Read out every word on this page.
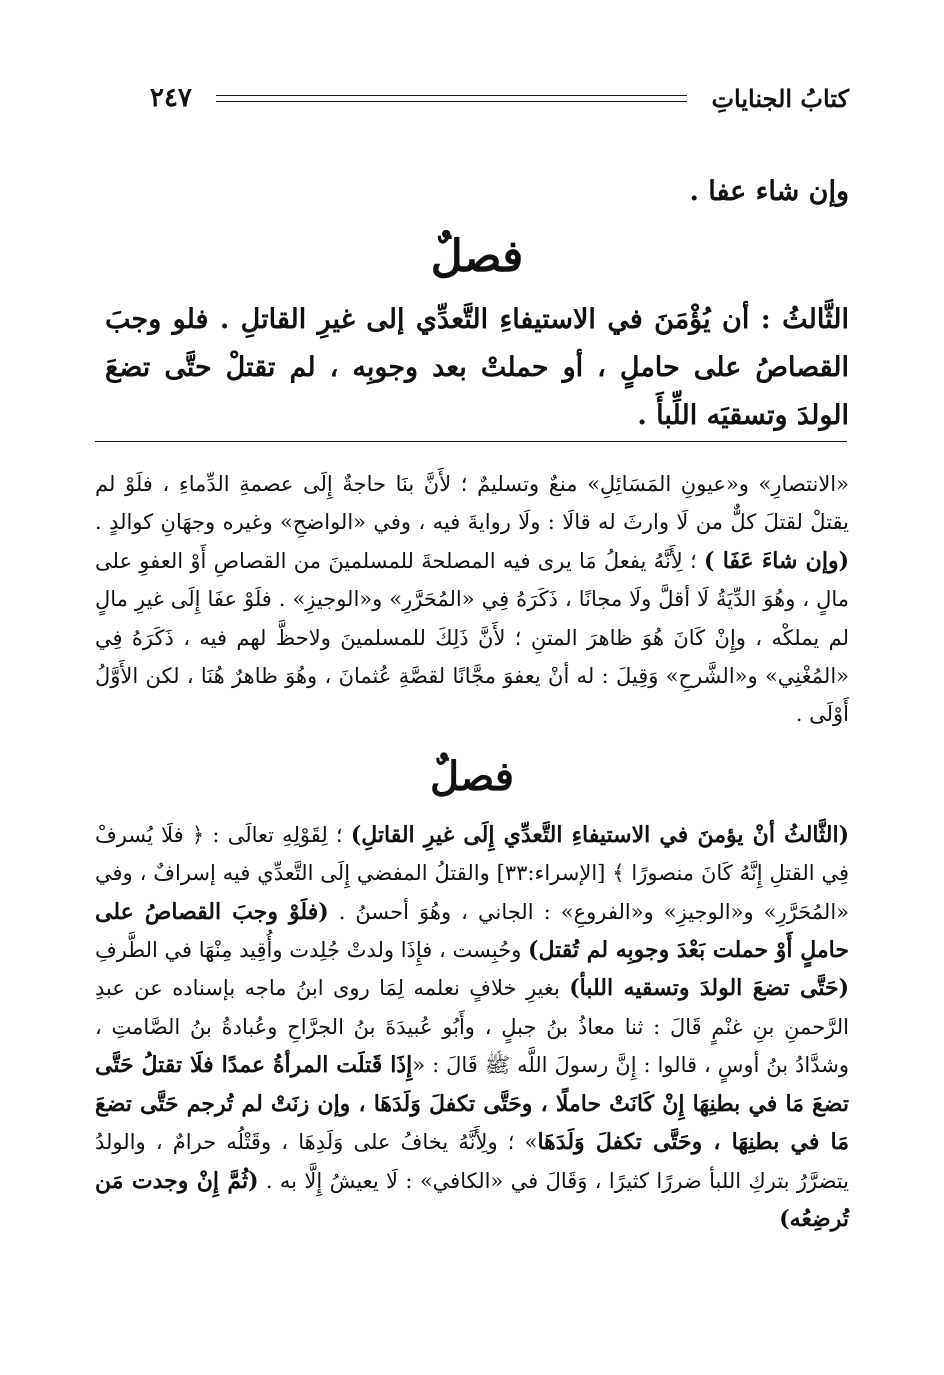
كتابُ الجناياتِ
٢٤٧

وإن شاء عفا .

فصلٌ

الثَّالثُ : أن يُؤْمَنَ في الاستيفاءِ التَّعدِّي إلى غيرِ القاتلِ . فلو وجبَ القصاصُ على حاملٍ ، أو حملتْ بعد وجوبِه ، لم تقتلْ حتَّى تضعَ الولدَ وتسقيَه اللِّبأَ .

«الانتصارِ» و«عيونِ المَسَائِلِ» منعٌ وتسليمٌ ؛ لأَنَّ بنَا حاجةٌ إِلَى عصمةِ الدِّماءِ ، فلَوْ لم يقتلْ لقتلَ كلٌّ من لَا وارثَ له قالَا : ولَا روايةَ فيه ، وفي «الواضحِ» وغيره وجهَانِ كوالدٍ . (وإن شاءَ عَفَا ) ؛ لِأَنَّهُ يفعلُ مَا يرى فيه المصلحةَ للمسلمينَ من القصاصِ أَوْ العفوِ على مالٍ ، وهُوَ الدِّيَةُ لَا أقلَّ ولَا مجانًا ، ذَكَرَهُ فِي «المُحَرَّرِ» و«الوجيزِ» . فلَوْ عفَا إِلَى غيرِ مالٍ لم يملكْه ، وإِنْ كَانَ هُوَ ظاهرَ المتنِ ؛ لأَنَّ ذَلِكَ للمسلمينَ ولاحظَّ لهم فيه ، ذَكَرَهُ فِي «المُغْنِي» و«الشَّرحِ» وَقِيلَ : له أنْ يعفوَ مجَّانًا لقصَّةِ عُثمانَ ، وهُوَ ظاهرٌ هُنَا ، لكن الأَوَّلُ أَوْلَى .

فصلٌ

(الثَّالثُ أنْ يؤمنَ في الاستيفاءِ التَّعدِّي إِلَى غيرِ القاتلِ) ؛ لِقَوْلِهِ تعالَى : ﴿ فلَا يُسرفْ فِي القتلِ إِنَّهُ كَانَ منصورًا ﴾ [الإسراء:٣٣] والقتلُ المفضي إِلَى التَّعدِّي فيه إسرافٌ ، وفي «المُحَرَّرِ» و«الوجيزِ» و«الفروعِ» : الجاني ، وهُوَ أحسنُ . (فلَوْ وجبَ القصاصُ على حاملٍ أَوْ حملت بَعْدَ وجوبِه لم تُقتل) وحُبِست ، فإِذَا ولدتْ جُلِدت وأُقِيد مِنْهَا في الطَّرفِ (حَتَّى تضعَ الولدَ وتسقيه اللبأ) بغيرِ خلافٍ نعلمه لِمَا روى ابنُ ماجه بإسناده عن عبدِ الرَّحمنِ بنِ غنْمٍ قَالَ : ثنا معاذُ بنُ جبلٍ ، وأَبُو عُبيدَةَ بنُ الجرَّاحِ وعُبادةُ بنُ الصَّامتِ ، وشدَّادُ بنُ أوسٍ ، قالوا : إِنَّ رسولَ اللَّه ﷺ قَالَ : «إِذَا قَتلَت المرأةُ عمدًا فلَا تقتلُ حَتَّى تضعَ مَا في بطنِهَا إِنْ كَانَتْ حاملًا ، وحَتَّى تكفلَ وَلَدَهَا ، وإن زنَتْ لم تُرجم حَتَّى تضعَ مَا في بطنِهَا ، وحَتَّى تكفلَ وَلَدَهَا» ؛ ولِأَنَّهُ يخافُ على وَلَدِهَا ، وقَتْلُه حرامٌ ، والولدُ يتضرَّرُ بتركِ اللبأ ضررًا كثيرًا ، وَقَالَ في «الكافي» : لَا يعيشُ إِلَّا به . (ثُمَّ إِنْ وجدت مَن تُرضِعُه)
